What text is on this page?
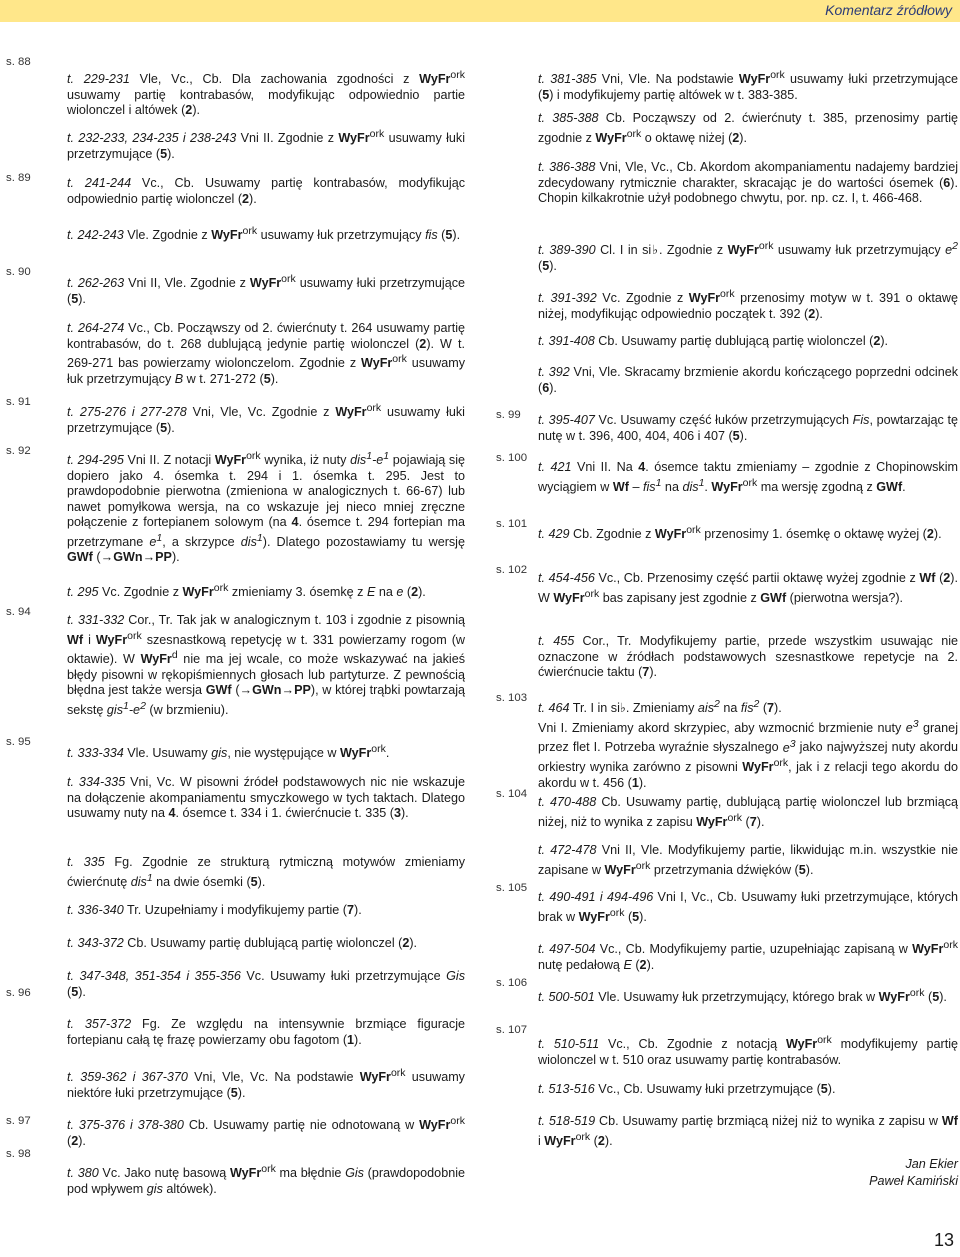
Komentarz źródłowy
s. 88
s. 89
s. 90
s. 91
s. 92
s. 94
s. 95
s. 96
s. 97
s. 98
s. 99
s. 100
s. 101
s. 102
s. 103
s. 104
s. 105
s. 106
s. 107

t. 229-231 Vle, Vc., Cb. Dla zachowania zgodności z WyFr$^{ork}$ usuwamy partię kontrabasów, modyfikując odpowiednio partie wiolonczel i altówek (2).

t. 232-233, 234-235 i 238-243 Vni II. Zgodnie z WyFr$^{ork}$ usuwamy łuki przetrzymujące (5).

t. 241-244 Vc., Cb. Usuwamy partię kontrabasów, modyfikując odpowiednio partię wiolonczel (2).

t. 242-243 Vle. Zgodnie z WyFr$^{ork}$ usuwamy łuk przetrzymujący fis (5).

t. 262-263 Vni II, Vle. Zgodnie z WyFr$^{ork}$ usuwamy łuki przetrzymujące (5).

t. 264-274 Vc., Cb. Począwszy od 2. ćwierćnuty t. 264 usuwamy partię kontrabasów, do t. 268 dublującą jedynie partię wiolonczel (2). W t. 269-271 bas powierzamy wiolonczelom. Zgodnie z WyFr$^{ork}$ usuwamy łuk przetrzymujący B w t. 271-272 (5).

t. 275-276 i 277-278 Vni, Vle, Vc. Zgodnie z WyFr$^{ork}$ usuwamy łuki przetrzymujące (5).

t. 294-295 Vni II. Z notacji WyFr$^{ork}$ wynika, iż nuty $dis^1-e^1$ pojawiają się dopiero jako 4. ósemka t. 294 i 1. ósemka t. 295. Jest to prawdopodobnie pierwotna (zmieniona w analogicznych t. 66-67) lub nawet pomyłkowa wersja, na co wskazuje jej nieco mniej zręczne połączenie z fortepianem solowym (na 4. ósemce t. 294 fortepian ma przetrzymane $e^1$, a skrzypce dis$^1$). Dlatego pozostawiamy tu wersję GWf (→GWn→PP).

t. 295 Vc. Zgodnie z WyFr$^{ork}$ zmieniamy 3. ósemkę z E na e (2).

t. 331-332 Cor., Tr. Tak jak w analogicznym t. 103 i zgodnie z pisownią Wf i WyFr$^{ork}$ szesnastkową repetycję w t. 331 powierzamy rogom (w oktawie). W WyFr$^d$ nie ma jej wcale, co może wskazywać na jakieś błędy pisowni w rękopiśmiennych głosach lub partyturze. Z pewnością błędna jest także wersja GWf (→GWn→PP), w której trąbki powtarzają sekstę $gis^1-e^2$ (w brzmieniu).

t. 333-334 Vle. Usuwamy gis, nie występujące w WyFr$^{ork}$.

t. 334-335 Vni, Vc. W pisowni źródeł podstawowych nic nie wskazuje na dołączenie akompaniamentu smyczkowego w tych taktach. Dlatego usuwamy nuty na 4. ósemce t. 334 i 1. ćwierćnucie t. 335 (3).

t. 335 Fg. Zgodnie ze strukturą rytmiczną motywów zmieniamy ćwierćnutę dis$^1$ na dwie ósemki (5).

t. 336-340 Tr. Uzupełniamy i modyfikujemy partie (7).

t. 343-372 Cb. Usuwamy partię dublującą partię wiolonczel (2).

t. 347-348, 351-354 i 355-356 Vc. Usuwamy łuki przetrzymujące Gis (5).

t. 357-372 Fg. Ze względu na intensywnie brzmiące figuracje fortepianu całą tę frazę powierzamy obu fagotom (1).

t. 359-362 i 367-370 Vni, Vle, Vc. Na podstawie WyFr$^{ork}$ usuwamy niektóre łuki przetrzymujące (5).

t. 375-376 i 378-380 Cb. Usuwamy partię nie odnotowaną w WyFr$^{ork}$ (2).

t. 380 Vc. Jako nutę basową WyFr$^{ork}$ ma błędnie Gis (prawdopodobnie pod wpływem gis altówek).

t. 381-385 Vni, Vle. Na podstawie WyFr$^{ork}$ usuwamy łuki przetrzymujące (5) i modyfikujemy partię altówek w t. 383-385.

t. 385-388 Cb. Począwszy od 2. ćwierćnuty t. 385, przenosimy partię zgodnie z WyFr$^{ork}$ o oktawę niżej (2).

t. 386-388 Vni, Vle, Vc., Cb. Akordom akompaniamentu nadajemy bardziej zdecydowany rytmicznie charakter, skracając je do wartości ósemek (6). Chopin kilkakrotnie użył podobnego chwytu, por. np. cz. I, t. 466-468.

t. 389-390 Cl. I in si♭. Zgodnie z WyFr$^{ork}$ usuwamy łuk przetrzymujący $e^2$ (5).

t. 391-392 Vc. Zgodnie z WyFr$^{ork}$ przenosimy motyw w t. 391 o oktawę niżej, modyfikując odpowiednio początek t. 392 (2).

t. 391-408 Cb. Usuwamy partię dublującą partię wiolonczel (2).

t. 392 Vni, Vle. Skracamy brzmienie akordu kończącego poprzedni odcinek (6).

t. 395-407 Vc. Usuwamy część łuków przetrzymujących Fis, powtarzając tę nutę w t. 396, 400, 404, 406 i 407 (5).

t. 421 Vni II. Na 4. ósemce taktu zmieniamy – zgodnie z Chopinowskim wyciągiem w Wf – fis$^1$ na dis$^1$. WyFr$^{ork}$ ma wersję zgodną z GWf.

t. 429 Cb. Zgodnie z WyFr$^{ork}$ przenosimy 1. ósemkę o oktawę wyżej (2).

t. 454-456 Vc., Cb. Przenosimy część partii oktawę wyżej zgodnie z Wf (2). W WyFr$^{ork}$ bas zapisany jest zgodnie z GWf (pierwotna wersja?).

t. 455 Cor., Tr. Modyfikujemy partie, przede wszystkim usuwając nie oznaczone w źródłach podstawowych szesnastkowe repetycje na 2. ćwierćnucie taktu (7).

t. 464 Tr. I in si♭. Zmieniamy ais$^2$ na fis$^2$ (7).
Vni I. Zmieniamy akord skrzypiec, aby wzmocnić brzmienie nuty $e^3$ granej przez flet I. Potrzeba wyraźnie słyszalnego $e^3$ jako najwyższej nuty akordu orkiestry wynika zarówno z pisowni WyFr$^{ork}$, jak i z relacji tego akordu do akordu w t. 456 (1).

t. 470-488 Cb. Usuwamy partię, dublującą partię wiolonczel lub brzmiącą niżej, niż to wynika z zapisu WyFr$^{ork}$ (7).

t. 472-478 Vni II, Vle. Modyfikujemy partie, likwidując m.in. wszystkie nie zapisane w WyFr$^{ork}$ przetrzymania dźwięków (5).

t. 490-491 i 494-496 Vni I, Vc., Cb. Usuwamy łuki przetrzymujące, których brak w WyFr$^{ork}$ (5).

t. 497-504 Vc., Cb. Modyfikujemy partie, uzupełniając zapisaną w WyFr$^{ork}$ nutę pedałową E (2).

t. 500-501 Vle. Usuwamy łuk przetrzymujący, którego brak w WyFr$^{ork}$ (5).

t. 510-511 Vc., Cb. Zgodnie z notacją WyFr$^{ork}$ modyfikujemy partię wiolonczel w t. 510 oraz usuwamy partię kontrabasów.

t. 513-516 Vc., Cb. Usuwamy łuki przetrzymujące (5).

t. 518-519 Cb. Usuwamy partię brzmiącą niżej niż to wynika z zapisu w Wf i WyFr$^{ork}$ (2).

Jan Ekier
Paweł Kamiński
13
